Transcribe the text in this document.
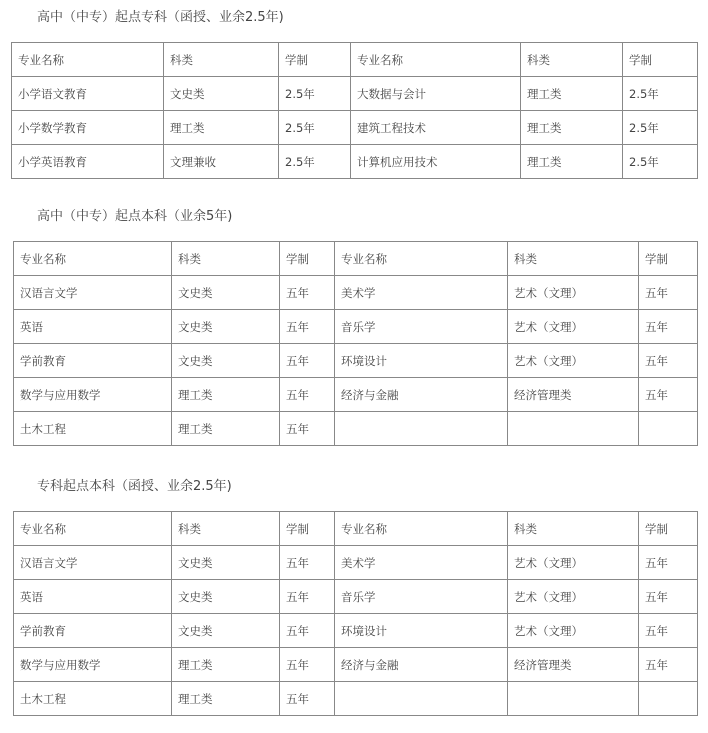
高中（中专）起点专科（函授、业余2.5年)
专业名称	科类	学制	专业名称	科类	学制
小学语文教育	文史类	2.5年	大数据与会计	理工类	2.5年
小学数学教育	理工类	2.5年	建筑工程技术	理工类	2.5年
小学英语教育	文理兼收	2.5年	计算机应用技术	理工类	2.5年
高中（中专）起点本科（业余5年)
专业名称	科类	学制	专业名称	科类	学制
汉语言文学	文史类	五年	美术学	艺术（文理）	五年
英语	文史类	五年	音乐学	艺术（文理）	五年
学前教育	文史类	五年	环境设计	艺术（文理）	五年
数学与应用数学	理工类	五年	经济与金融	经济管理类	五年
土木工程	理工类	五年			
专科起点本科（函授、业余2.5年)
专业名称	科类	学制	专业名称	科类	学制
汉语言文学	文史类	五年	美术学	艺术（文理）	五年
英语	文史类	五年	音乐学	艺术（文理）	五年
学前教育	文史类	五年	环境设计	艺术（文理）	五年
数学与应用数学	理工类	五年	经济与金融	经济管理类	五年
土木工程	理工类	五年			
